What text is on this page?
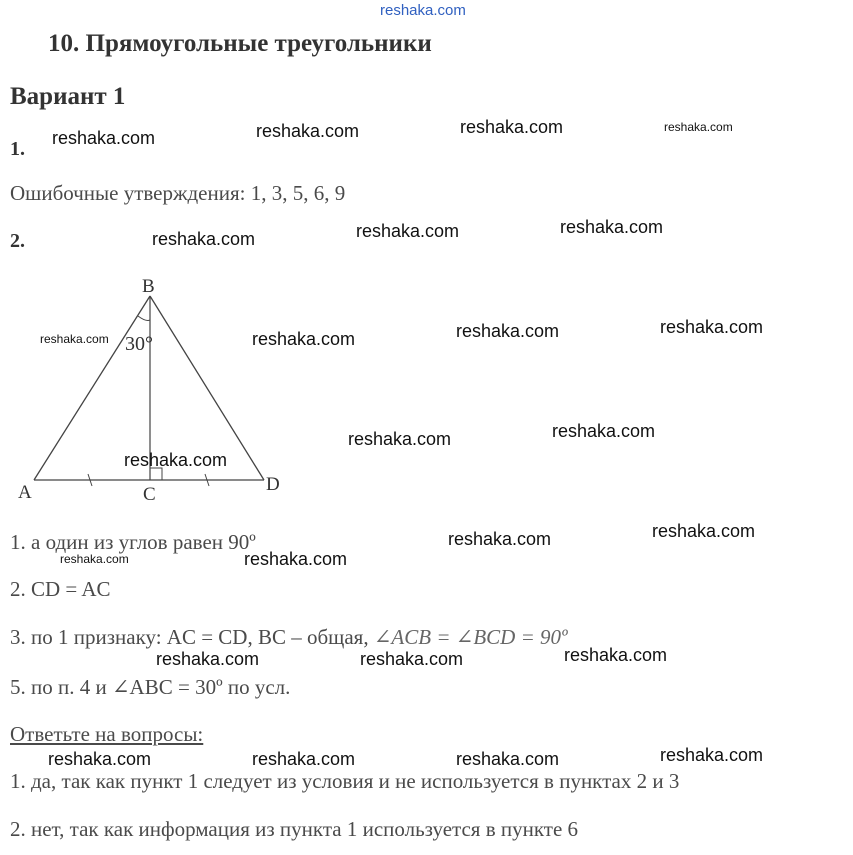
reshaka.com
10. Прямоугольные треугольники
Вариант 1
1.
Ошибочные утверждения: 1, 3, 5, 6, 9
2.
B
A	C	D
30°
1. а один из углов равен 90º
2. CD = AC
3. по 1 признаку: AC = CD, BC – общая, ∠ACB = ∠BCD = 90º
5. по п. 4 и ∠ABC = 30º по усл.
Ответьте на вопросы:
1. да, так как пункт 1 следует из условия и не используется в пунктах 2 и 3
2. нет, так как информация из пункта 1 используется в пункте 6
reshaka.com	reshaka.com	reshaka.com	reshaka.com
reshaka.com	reshaka.com	reshaka.com
reshaka.com	reshaka.com	reshaka.com	reshaka.com
reshaka.com	reshaka.com
reshaka.com
reshaka.com	reshaka.com
reshaka.com	reshaka.com
reshaka.com	reshaka.com	reshaka.com
reshaka.com	reshaka.com	reshaka.com	reshaka.com
